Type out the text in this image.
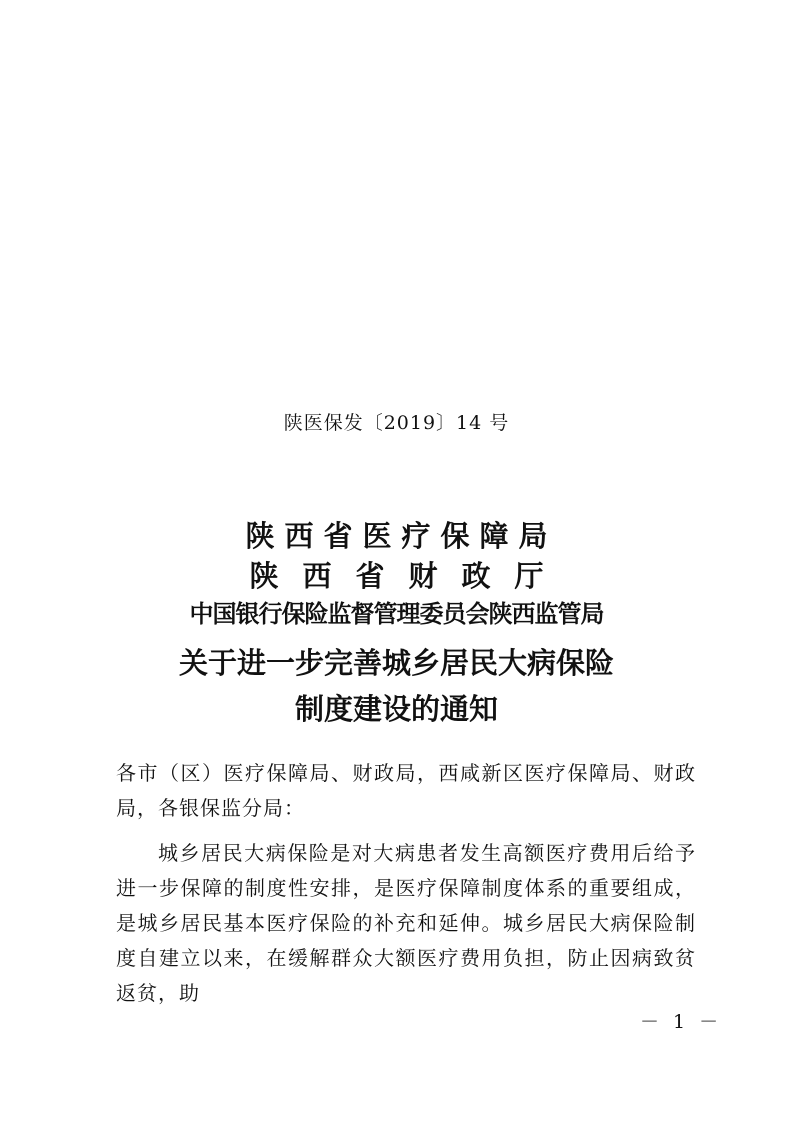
陕医保发〔2019〕14 号

陕西省医疗保障局

陕西省财政厅

中国银行保险监督管理委员会陕西监管局

关于进一步完善城乡居民大病保险

制度建设的通知

各市（区）医疗保障局、财政局，西咸新区医疗保障局、财政局，各银保监分局：

城乡居民大病保险是对大病患者发生高额医疗费用后给予进一步保障的制度性安排，是医疗保障制度体系的重要组成，是城乡居民基本医疗保险的补充和延伸。城乡居民大病保险制度自建立以来，在缓解群众大额医疗费用负担，防止因病致贫返贫，助

－ 1 －
